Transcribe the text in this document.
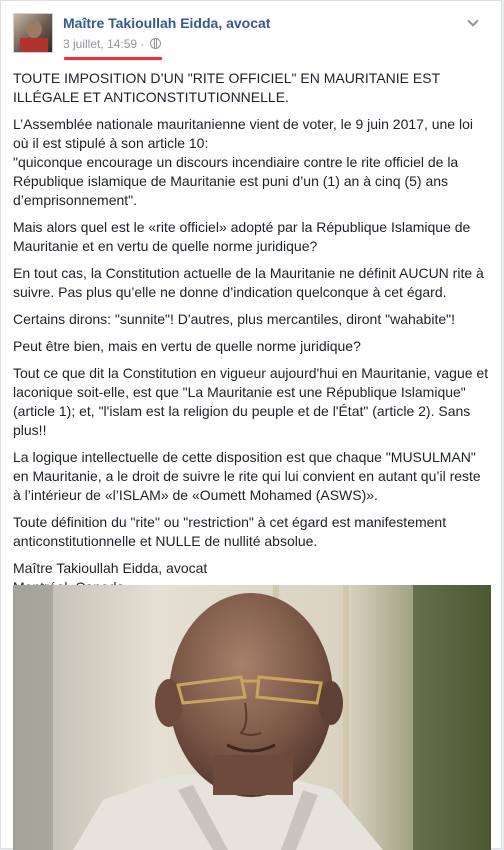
Maître Takioullah Eidda, avocat
3 juillet, 14:59 ·

TOUTE IMPOSITION D’UN "RITE OFFICIEL" EN MAURITANIE EST ILLÉGALE ET ANTICONSTITUTIONNELLE.

L’Assemblée nationale mauritanienne vient de voter, le 9 juin 2017, une loi où il est stipulé à son article 10:

"quiconque encourage un discours incendiaire contre le rite officiel de la République islamique de Mauritanie est puni d’un (1) an à cinq (5) ans d’emprisonnement".

Mais alors quel est le «rite officiel» adopté par la République Islamique de Mauritanie et en vertu de quelle norme juridique?

En tout cas, la Constitution actuelle de la Mauritanie ne définit AUCUN rite à suivre. Pas plus qu’elle ne donne d’indication quelconque à cet égard.

Certains dirons: "sunnite"! D'autres, plus mercantiles, diront "wahabite"!

Peut être bien, mais en vertu de quelle norme juridique?

Tout ce que dit la Constitution en vigueur aujourd'hui en Mauritanie, vague et laconique soit-elle, est que "La Mauritanie est une République Islamique" (article 1); et, "l'islam est la religion du peuple et de l'État" (article 2). Sans plus!!

La logique intellectuelle de cette disposition est que chaque "MUSULMAN" en Mauritanie, a le droit de suivre le rite qui lui convient en autant qu’il reste à l’intérieur de «l’ISLAM» de «Oumett Mohamed (ASWS)».

Toute définition du "rite" ou "restriction" à cet égard est manifestement anticonstitutionnelle et NULLE de nullité absolue.

Maître Takioullah Eidda, avocat
